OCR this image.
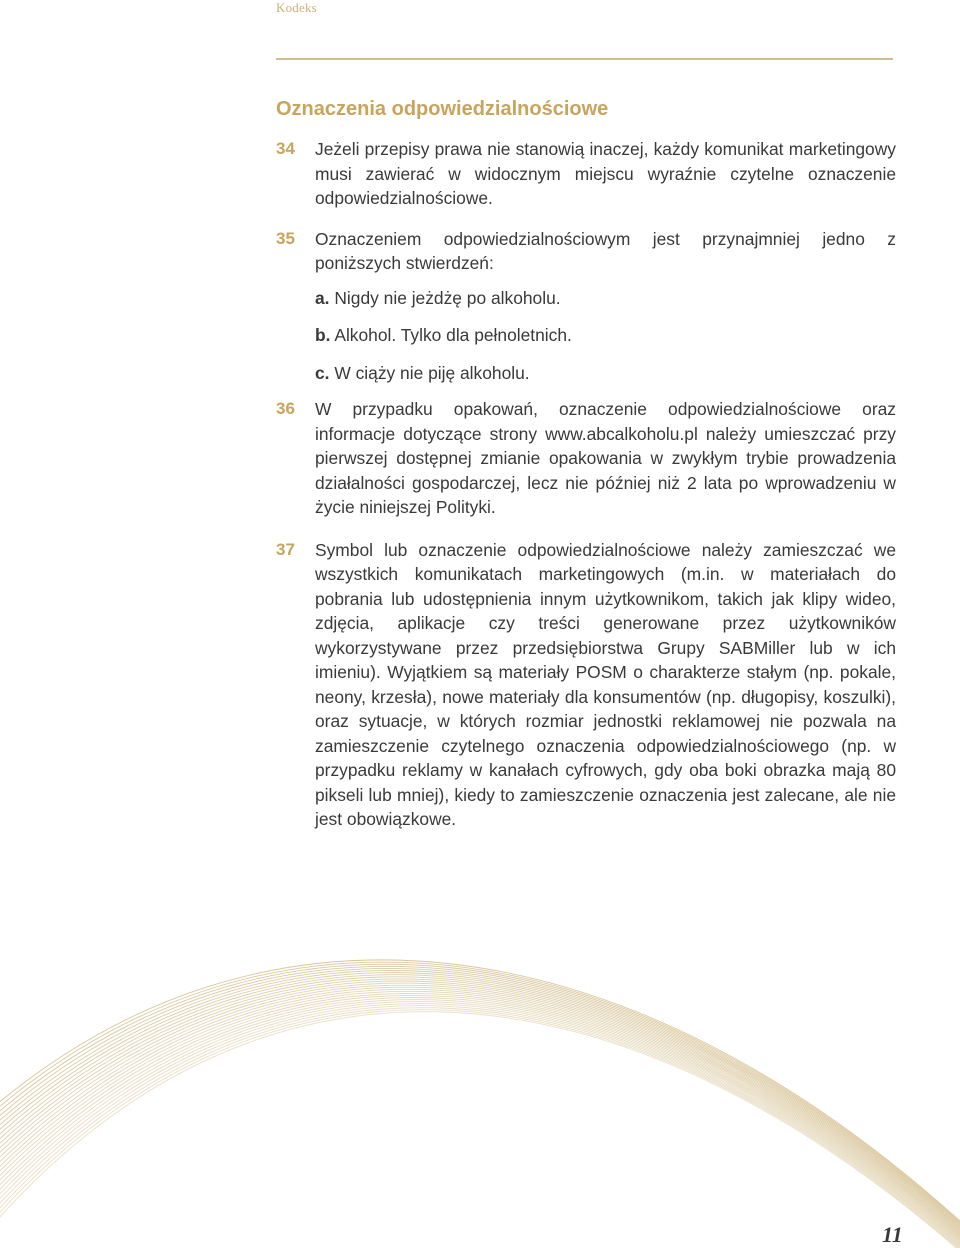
Kodeks
Oznaczenia odpowiedzialnościowe
34 Jeżeli przepisy prawa nie stanowią inaczej, każdy komunikat marketingowy musi zawierać w widocznym miejscu wyraźnie czytelne oznaczenie odpowiedzialnościowe.
35 Oznaczeniem odpowiedzialnościowym jest przynajmniej jedno z poniższych stwierdzeń:
a. Nigdy nie jeżdżę po alkoholu.
b. Alkohol. Tylko dla pełnoletnich.
c. W ciąży nie piję alkoholu.
36 W przypadku opakowań, oznaczenie odpowiedzialnościowe oraz informacje dotyczące strony www.abcalkoholu.pl należy umieszczać przy pierwszej dostępnej zmianie opakowania w zwykłym trybie prowadzenia działalności gospodarczej, lecz nie później niż 2 lata po wprowadzeniu w życie niniejszej Polityki.
37 Symbol lub oznaczenie odpowiedzialnościowe należy zamieszczać we wszystkich komunikatach marketingowych (m.in. w materiałach do pobrania lub udostępnienia innym użytkownikom, takich jak klipy wideo, zdjęcia, aplikacje czy treści generowane przez użytkowników wykorzystywane przez przedsiębiorstwa Grupy SABMiller lub w ich imieniu). Wyjątkiem są materiały POSM o charakterze stałym (np. pokale, neony, krzesła), nowe materiały dla konsumentów (np. długopisy, koszulki), oraz sytuacje, w których rozmiar jednostki reklamowej nie pozwala na zamieszczenie czytelnego oznaczenia odpowiedzialnościowego (np. w przypadku reklamy w kanałach cyfrowych, gdy oba boki obrazka mają 80 pikseli lub mniej), kiedy to zamieszczenie oznaczenia jest zalecane, ale nie jest obowiązkowe.
11
